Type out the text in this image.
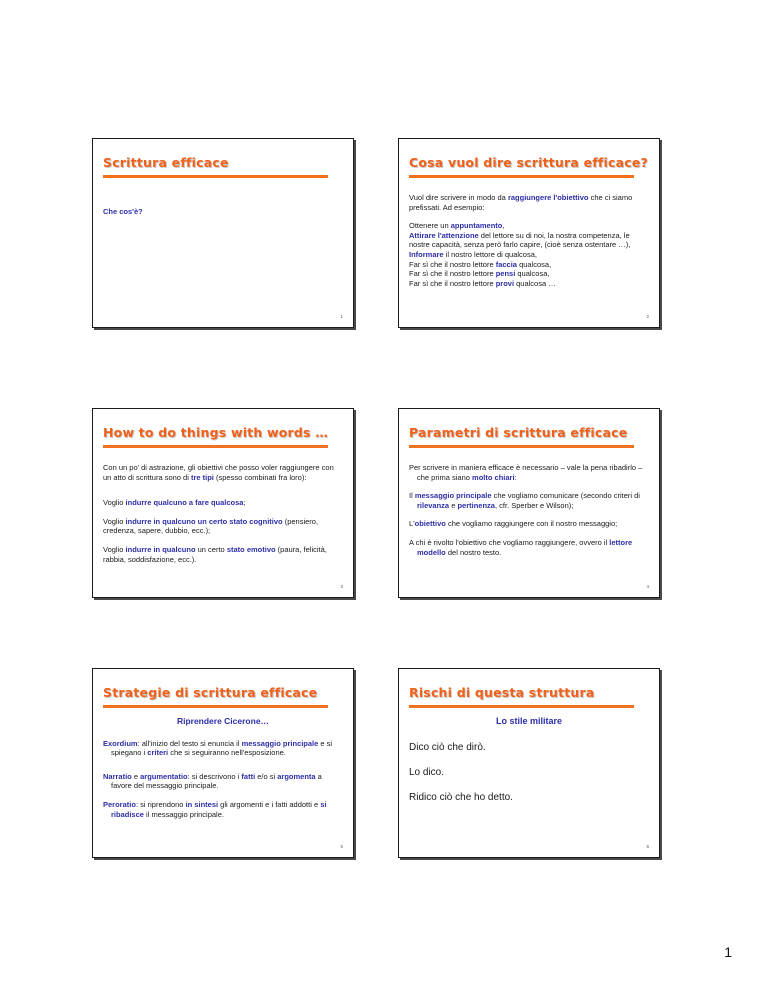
Scrittura efficace
Che cos'è?
1
Cosa vuol dire scrittura efficace?

Vuol dire scrivere in modo da raggiungere l'obiettivo che ci siamo prefissati. Ad esempio:

Ottenere un appuntamento,
Attirare l'attenzione del lettore su di noi, la nostra competenza, le nostre capacità, senza però farlo capire, (cioè senza ostentare …),
Informare il nostro lettore di qualcosa,
Far sì che il nostro lettore faccia qualcosa,
Far sì che il nostro lettore pensi qualcosa,
Far sì che il nostro lettore provi qualcosa …
2
How to do things with words …

Con un po' di astrazione, gli obiettivi che posso voler raggiungere con un atto di scrittura sono di tre tipi (spesso combinati fra loro):

Voglio indurre qualcuno a fare qualcosa;

Voglio indurre in qualcuno un certo stato cognitivo (pensiero, credenza, sapere, dubbio, ecc.);

Voglio indurre in qualcuno un certo stato emotivo (paura, felicità, rabbia, soddisfazione, ecc.).

3
Parametri di scrittura efficace

Per scrivere in maniera efficace è necessario – vale la pena ribadirlo – che prima siano molto chiari:

Il messaggio principale che vogliamo comunicare (secondo criteri di rilevanza e pertinenza, cfr. Sperber e Wilson);

L'obiettivo che vogliamo raggiungere con il nostro messaggio;

A chi è rivolto l'obiettivo che vogliamo raggiungere, ovvero il lettore modello del nostro testo.

4
Strategie di scrittura efficace

Riprendere Cicerone…

Exordium: all'inizio del testo si enuncia il messaggio principale e si spiegano i criteri che si seguiranno nell'esposizione.

Narratio e argumentatio: si descrivono i fatti e/o si argomenta a favore del messaggio principale.

Peroratio: si riprendono in sintesi gli argomenti e i fatti addotti e si ribadisce il messaggio principale.

5
Rischi di questa struttura

Lo stile militare

Dico ciò che dirò.

Lo dico.

Ridico ciò che ho detto.

6
1
